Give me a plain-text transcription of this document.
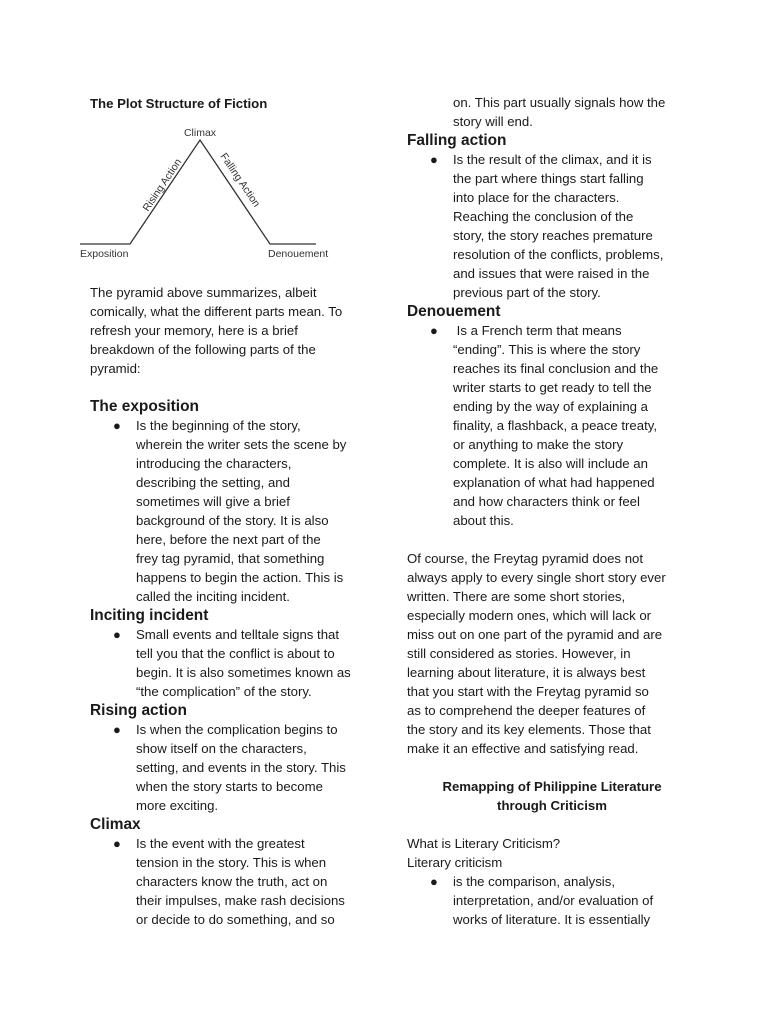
The Plot Structure of Fiction
Climax
Rising Action	Falling Action
Exposition	Denouement

The pyramid above summarizes, albeit

comically, what the different parts mean. To

refresh your memory, here is a brief

breakdown of the following parts of the

pyramid:

The exposition
● Is the beginning of the story,

wherein the writer sets the scene by

introducing the characters,

describing the setting, and

sometimes will give a brief

background of the story. It is also

here, before the next part of the

frey tag pyramid, that something

happens to begin the action. This is

called the inciting incident.

Inciting incident
● Small events and telltale signs that

tell you that the conflict is about to

begin. It is also sometimes known as

“the complication” of the story.

Rising action
● Is when the complication begins to

show itself on the characters,

setting, and events in the story. This

when the story starts to become

more exciting.

Climax
● Is the event with the greatest

tension in the story. This is when

characters know the truth, act on

their impulses, make rash decisions

or decide to do something, and so

on. This part usually signals how the

story will end.

Falling action
● Is the result of the climax, and it is

the part where things start falling

into place for the characters.

Reaching the conclusion of the

story, the story reaches premature

resolution of the conflicts, problems,

and issues that were raised in the

previous part of the story.

Denouement
● Is a French term that means

“ending”. This is where the story

reaches its final conclusion and the

writer starts to get ready to tell the

ending by the way of explaining a

finality, a flashback, a peace treaty,

or anything to make the story

complete. It is also will include an

explanation of what had happened

and how characters think or feel

about this.

Of course, the Freytag pyramid does not

always apply to every single short story ever

written. There are some short stories,

especially modern ones, which will lack or

miss out on one part of the pyramid and are

still considered as stories. However, in

learning about literature, it is always best

that you start with the Freytag pyramid so

as to comprehend the deeper features of

the story and its key elements. Those that

make it an effective and satisfying read.

Remapping of Philippine Literature

through Criticism

What is Literary Criticism?

Literary criticism

● is the comparison, analysis,

interpretation, and/or evaluation of

works of literature. It is essentially
